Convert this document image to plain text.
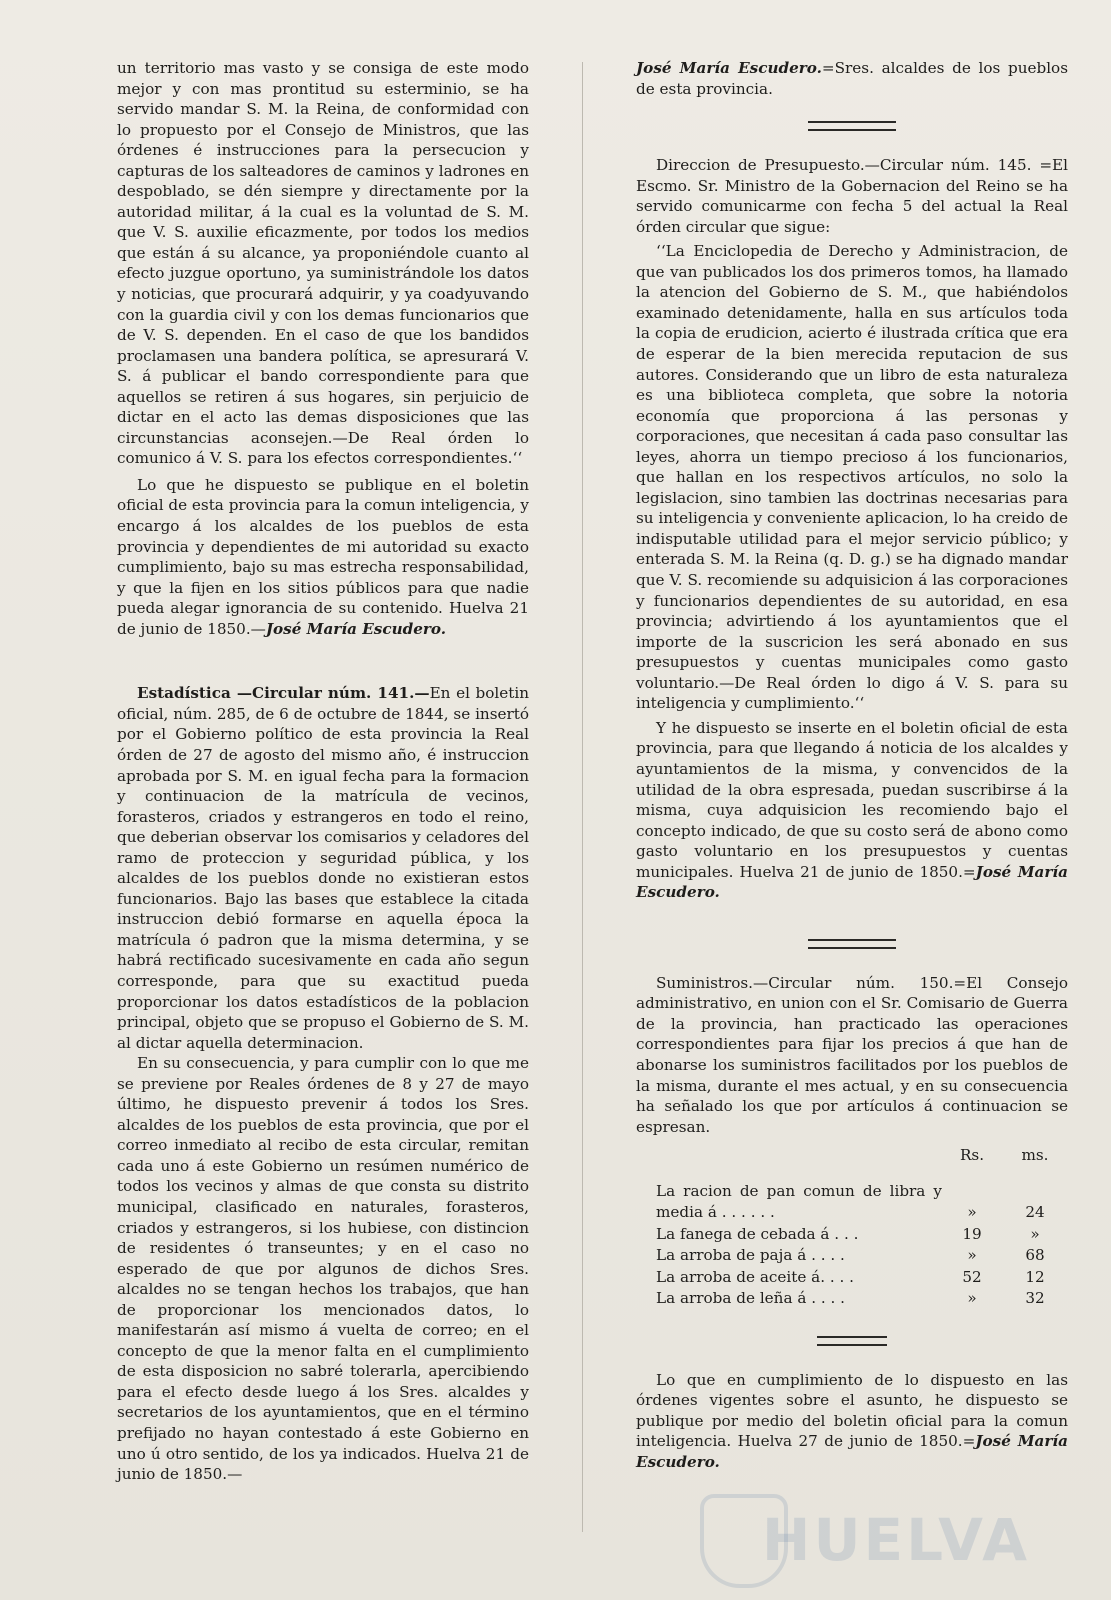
un territorio mas vasto y se consiga de este modo mejor y con mas prontitud su esterminio, se ha servido mandar S. M. la Reina, de conformidad con lo propuesto por el Consejo de Ministros, que las órdenes é instrucciones para la persecucion y capturas de los salteadores de caminos y ladrones en despoblado, se dén siempre y directamente por la autoridad militar, á la cual es la voluntad de S. M. que V. S. auxilie eficazmente, por todos los medios que están á su alcance, ya proponiéndole cuanto al efecto juzgue oportuno, ya suministrándole los datos y noticias, que procurará adquirir, y ya coadyuvando con la guardia civil y con los demas funcionarios que de V. S. dependen. En el caso de que los bandidos proclamasen una bandera política, se apresurará V. S. á publicar el bando correspondiente para que aquellos se retiren á sus hogares, sin perjuicio de dictar en el acto las demas disposiciones que las circunstancias aconsejen.—De Real órden lo comunico á V. S. para los efectos correspondientes.‘‘

Lo que he dispuesto se publique en el boletin oficial de esta provincia para la comun inteligencia, y encargo á los alcaldes de los pueblos de esta provincia y dependientes de mi autoridad su exacto cumplimiento, bajo su mas estrecha responsabilidad, y que la fijen en los sitios públicos para que nadie pueda alegar ignorancia de su contenido. Huelva 21 de junio de 1850.—José María Escudero.

Estadística —Circular núm. 141.—En el boletin oficial, núm. 285, de 6 de octubre de 1844, se insertó por el Gobierno político de esta provincia la Real órden de 27 de agosto del mismo año, é instruccion aprobada por S. M. en igual fecha para la formacion y continuacion de la matrícula de vecinos, forasteros, criados y estrangeros en todo el reino, que deberian observar los comisarios y celadores del ramo de proteccion y seguridad pública, y los alcaldes de los pueblos donde no existieran estos funcionarios. Bajo las bases que establece la citada instruccion debió formarse en aquella época la matrícula ó padron que la misma determina, y se habrá rectificado sucesivamente en cada año segun corresponde, para que su exactitud pueda proporcionar los datos estadísticos de la poblacion principal, objeto que se propuso el Gobierno de S. M. al dictar aquella determinacion.

En su consecuencia, y para cumplir con lo que me se previene por Reales órdenes de 8 y 27 de mayo último, he dispuesto prevenir á todos los Sres. alcaldes de los pueblos de esta provincia, que por el correo inmediato al recibo de esta circular, remitan cada uno á este Gobierno un resúmen numérico de todos los vecinos y almas de que consta su distrito municipal, clasificado en naturales, forasteros, criados y estrangeros, si los hubiese, con distincion de residentes ó transeuntes; y en el caso no esperado de que por algunos de dichos Sres. alcaldes no se tengan hechos los trabajos, que han de proporcionar los mencionados datos, lo manifestarán así mismo á vuelta de correo; en el concepto de que la menor falta en el cumplimiento de esta disposicion no sabré tolerarla, apercibiendo para el efecto desde luego á los Sres. alcaldes y secretarios de los ayuntamientos, que en el término prefijado no hayan contestado á este Gobierno en uno ú otro sentido, de los ya indicados. Huelva 21 de junio de 1850.—

José María Escudero.=Sres. alcaldes de los pueblos de esta provincia.

Direccion de Presupuesto.—Circular núm. 145. =El Escmo. Sr. Ministro de la Gobernacion del Reino se ha servido comunicarme con fecha 5 del actual la Real órden circular que sigue:

‘‘La Enciclopedia de Derecho y Administracion, de que van publicados los dos primeros tomos, ha llamado la atencion del Gobierno de S. M., que habiéndolos examinado detenidamente, halla en sus artículos toda la copia de erudicion, acierto é ilustrada crítica que era de esperar de la bien merecida reputacion de sus autores. Considerando que un libro de esta naturaleza es una biblioteca completa, que sobre la notoria economía que proporciona á las personas y corporaciones, que necesitan á cada paso consultar las leyes, ahorra un tiempo precioso á los funcionarios, que hallan en los respectivos artículos, no solo la legislacion, sino tambien las doctrinas necesarias para su inteligencia y conveniente aplicacion, lo ha creido de indisputable utilidad para el mejor servicio público; y enterada S. M. la Reina (q. D. g.) se ha dignado mandar que V. S. recomiende su adquisicion á las corporaciones y funcionarios dependientes de su autoridad, en esa provincia; advirtiendo á los ayuntamientos que el importe de la suscricion les será abonado en sus presupuestos y cuentas municipales como gasto voluntario.—De Real órden lo digo á V. S. para su inteligencia y cumplimiento.‘‘

Y he dispuesto se inserte en el boletin oficial de esta provincia, para que llegando á noticia de los alcaldes y ayuntamientos de la misma, y convencidos de la utilidad de la obra espresada, puedan suscribirse á la misma, cuya adquisicion les recomiendo bajo el concepto indicado, de que su costo será de abono como gasto voluntario en los presupuestos y cuentas municipales. Huelva 21 de junio de 1850.=José María Escudero.

Suministros.—Circular núm. 150.=El Consejo administrativo, en union con el Sr. Comisario de Guerra de la provincia, han practicado las operaciones correspondientes para fijar los precios á que han de abonarse los suministros facilitados por los pueblos de la misma, durante el mes actual, y en su consecuencia ha señalado los que por artículos á continuacion se espresan.

	Rs.	ms.
La racion de pan comun de libra y media á . . . . . .	»	24
La fanega de cebada á . . .	19	»
La arroba de paja á . . . .	»	68
La arroba de aceite á. . . .	52	12
La arroba de leña á . . . .	»	32

Lo que en cumplimiento de lo dispuesto en las órdenes vigentes sobre el asunto, he dispuesto se publique por medio del boletin oficial para la comun inteligencia. Huelva 27 de junio de 1850.=José María Escudero.

HUELVA
